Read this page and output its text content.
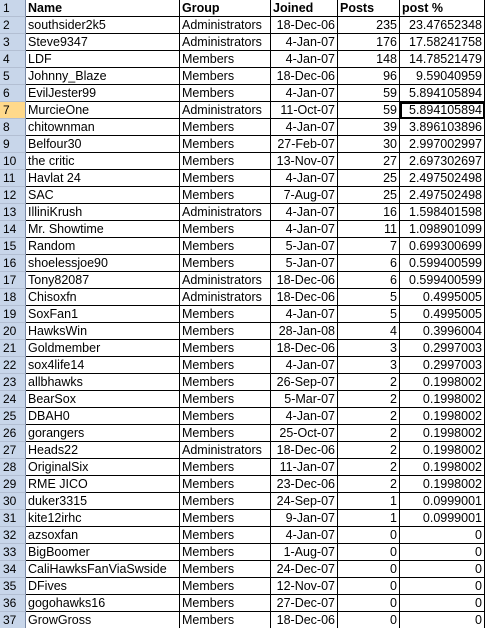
1	Name	Group	Joined	Posts	post %
2	southsider2k5	Administrators	18-Dec-06	235 23.47652348
3	Steve9347	Administrators	4-Jan-07	176 17.58241758
4	LDF	Members	4-Jan-07	148 14.78521479
5	Johnny_Blaze	Members	18-Dec-06	96	9.59040959
6	EvilJester99	Members	4-Jan-07	59 5.894105894
7	MurcieOne	Administrators	11-Oct-07	59 5.894105894
8	chitownman	Members	4-Jan-07	39 3.896103896
9	Belfour30	Members	27-Feb-07	30 2.997002997
10 the critic	Members	13-Nov-07	27 2.697302697
11	Havlat 24	Members	4-Jan-07	25 2.497502498
12 SAC	Members	7-Aug-07	25 2.497502498
13 IlliniKrush	Administrators	4-Jan-07	16 1.598401598
14 Mr. Showtime	Members	4-Jan-07	11 1.098901099
15 Random	Members	5-Jan-07	7 0.699300699
16 shoelessjoe90	Members	5-Jan-07	6 0.599400599
17 Tony82087	Administrators	18-Dec-06	6 0.599400599
18 Chisoxfn	Administrators	18-Dec-06	5	0.4995005
19 SoxFan1	Members	4-Jan-07	5	0.4995005
20 HawksWin	Members	28-Jan-08	4	0.3996004
21 Goldmember	Members	18-Dec-06	3	0.2997003
22 sox4life14	Members	4-Jan-07	3	0.2997003
23 allbhawks	Members	26-Sep-07	2	0.1998002
24 BearSox	Members	5-Mar-07	2	0.1998002
25 DBAH0	Members	4-Jan-07	2	0.1998002
26 gorangers	Members	25-Oct-07	2	0.1998002
27 Heads22	Administrators	18-Dec-06	2	0.1998002
28 OriginalSix	Members	11-Jan-07	2	0.1998002
29 RME JICO	Members	23-Dec-06	2	0.1998002
30 duker3315	Members	24-Sep-07	1	0.0999001
31 kite12irhc	Members	9-Jan-07	1	0.0999001
32 azsoxfan	Members	4-Jan-07	0	0
33 BigBoomer	Members	1-Aug-07	0	0
34 CaliHawksFanViaSwside	Members	24-Dec-07	0	0
35 DFives	Members	12-Nov-07	0	0
36 gogohawks16	Members	27-Dec-07	0	0
37 GrowGross	Members	18-Dec-06	0	0
